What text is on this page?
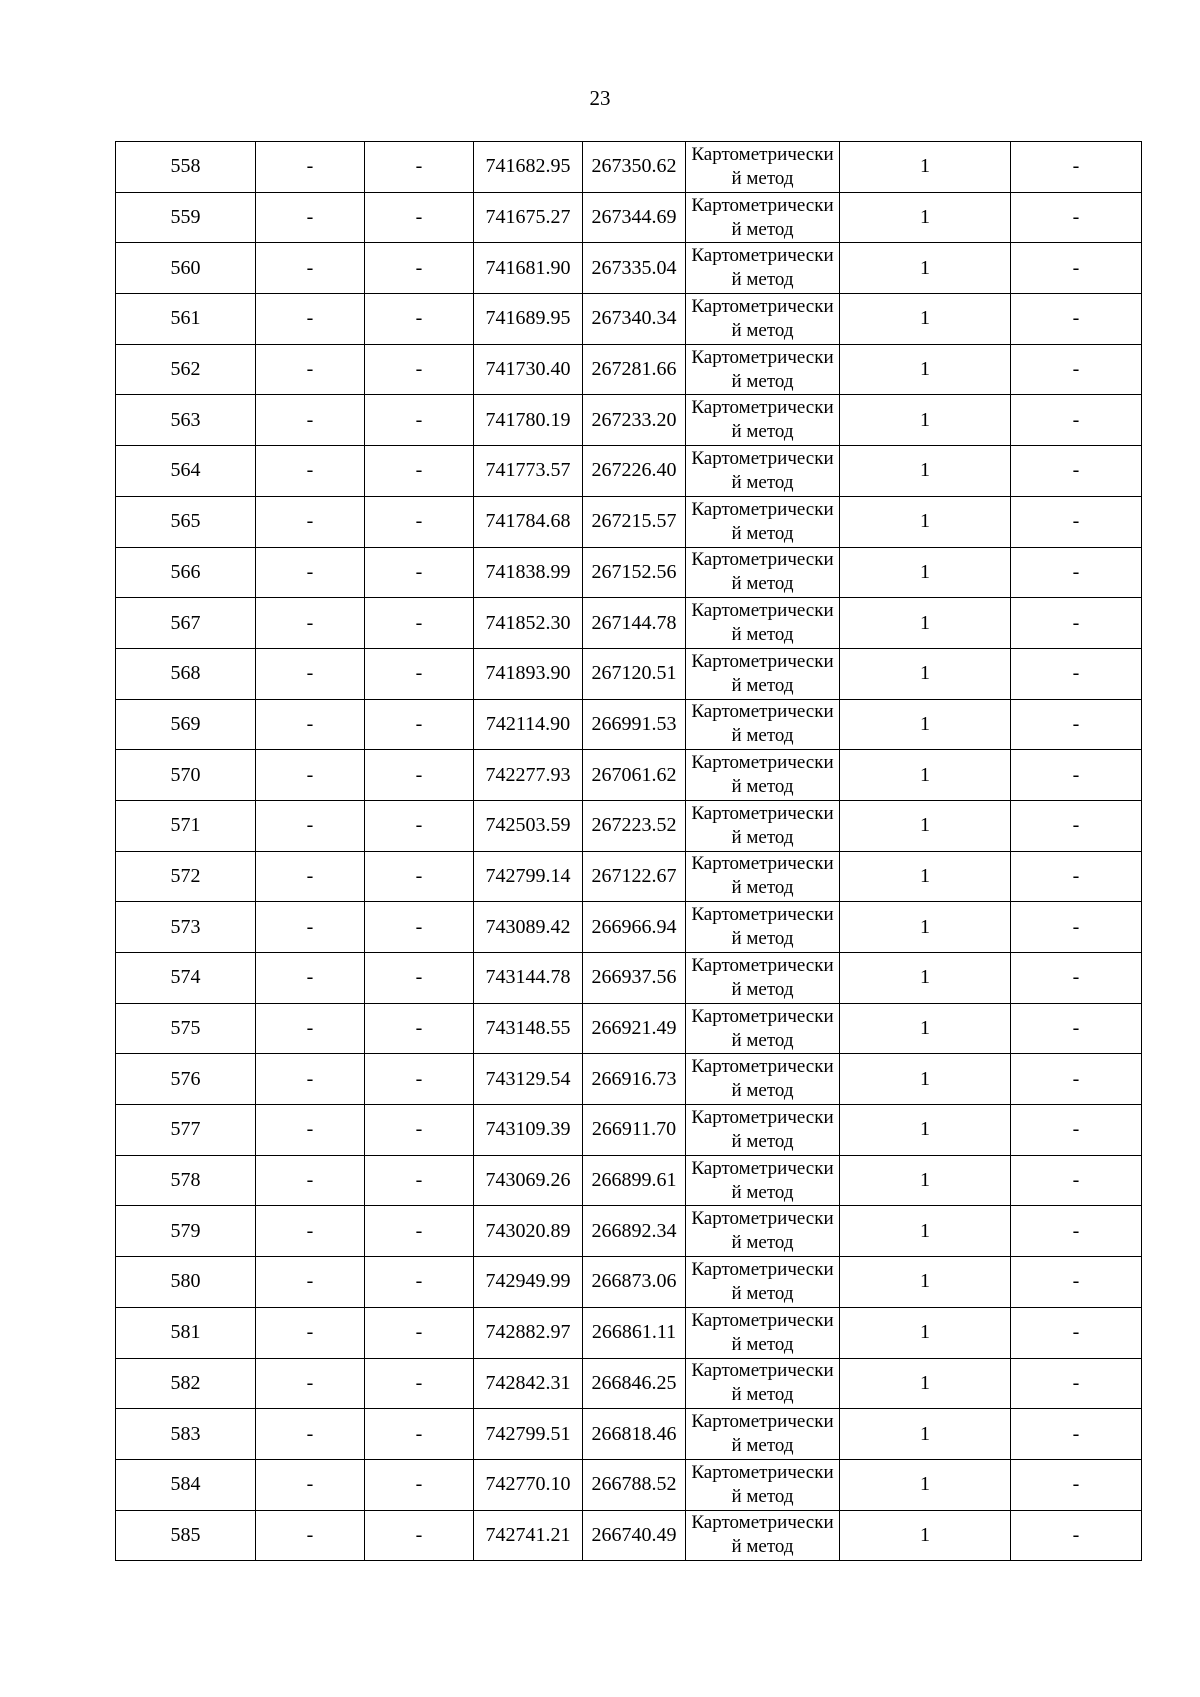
23
558	-	-	741682.95	267350.62	Картометрический метод	1	-
559	-	-	741675.27	267344.69	Картометрический метод	1	-
560	-	-	741681.90	267335.04	Картометрический метод	1	-
561	-	-	741689.95	267340.34	Картометрический метод	1	-
562	-	-	741730.40	267281.66	Картометрический метод	1	-
563	-	-	741780.19	267233.20	Картометрический метод	1	-
564	-	-	741773.57	267226.40	Картометрический метод	1	-
565	-	-	741784.68	267215.57	Картометрический метод	1	-
566	-	-	741838.99	267152.56	Картометрический метод	1	-
567	-	-	741852.30	267144.78	Картометрический метод	1	-
568	-	-	741893.90	267120.51	Картометрический метод	1	-
569	-	-	742114.90	266991.53	Картометрический метод	1	-
570	-	-	742277.93	267061.62	Картометрический метод	1	-
571	-	-	742503.59	267223.52	Картометрический метод	1	-
572	-	-	742799.14	267122.67	Картометрический метод	1	-
573	-	-	743089.42	266966.94	Картометрический метод	1	-
574	-	-	743144.78	266937.56	Картометрический метод	1	-
575	-	-	743148.55	266921.49	Картометрический метод	1	-
576	-	-	743129.54	266916.73	Картометрический метод	1	-
577	-	-	743109.39	266911.70	Картометрический метод	1	-
578	-	-	743069.26	266899.61	Картометрический метод	1	-
579	-	-	743020.89	266892.34	Картометрический метод	1	-
580	-	-	742949.99	266873.06	Картометрический метод	1	-
581	-	-	742882.97	266861.11	Картометрический метод	1	-
582	-	-	742842.31	266846.25	Картометрический метод	1	-
583	-	-	742799.51	266818.46	Картометрический метод	1	-
584	-	-	742770.10	266788.52	Картометрический метод	1	-
585	-	-	742741.21	266740.49	Картометрический метод	1	-
